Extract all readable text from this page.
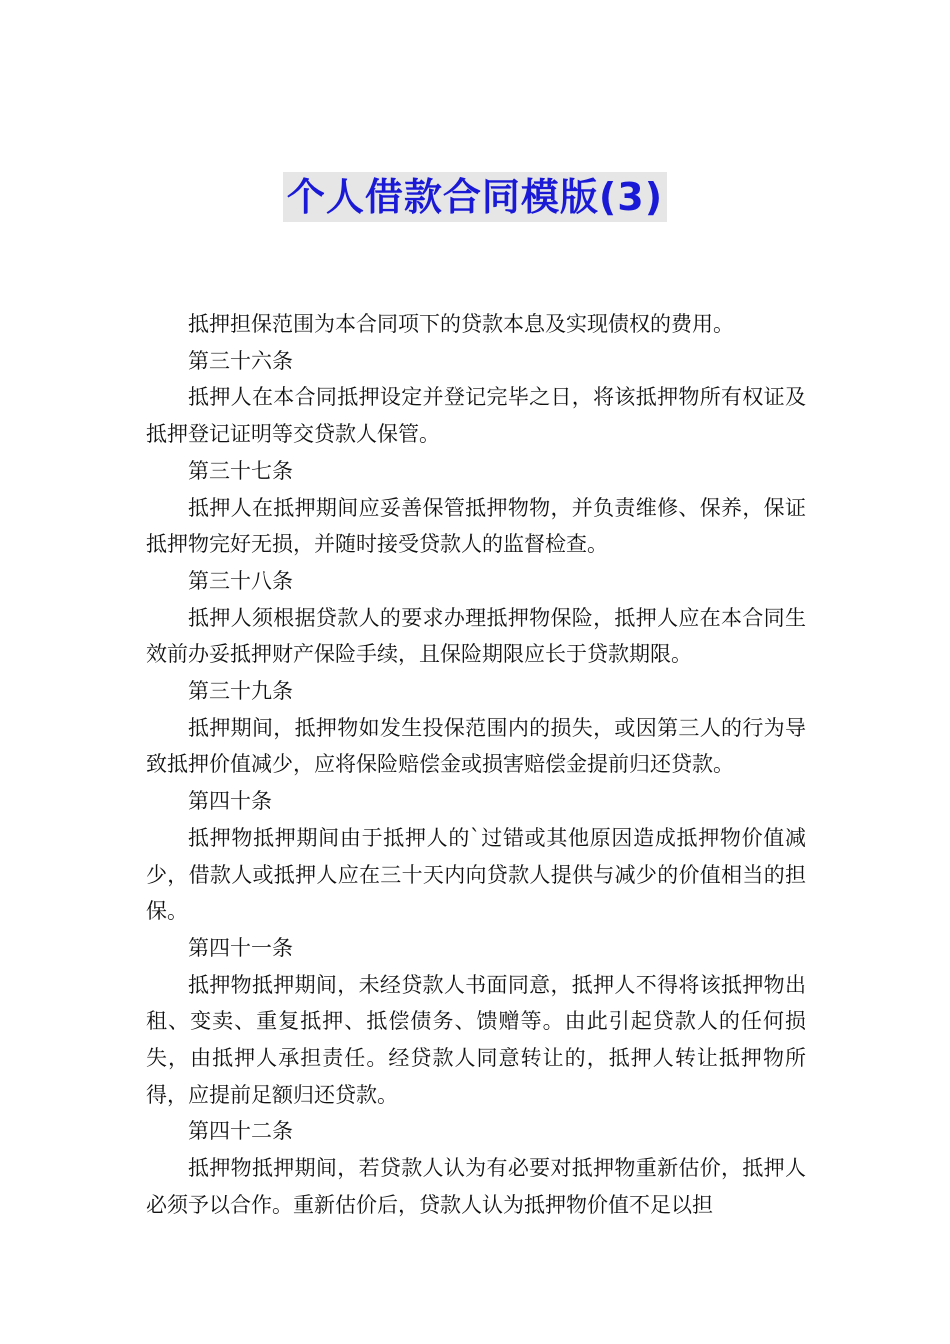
个人借款合同模版(3)

抵押担保范围为本合同项下的贷款本息及实现债权的费用。

第三十六条

抵押人在本合同抵押设定并登记完毕之日，将该抵押物所有权证及抵押登记证明等交贷款人保管。

第三十七条

抵押人在抵押期间应妥善保管抵押物物，并负责维修、保养，保证抵押物完好无损，并随时接受贷款人的监督检查。

第三十八条

抵押人须根据贷款人的要求办理抵押物保险，抵押人应在本合同生效前办妥抵押财产保险手续，且保险期限应长于贷款期限。

第三十九条

抵押期间，抵押物如发生投保范围内的损失，或因第三人的行为导致抵押价值减少，应将保险赔偿金或损害赔偿金提前归还贷款。

第四十条

抵押物抵押期间由于抵押人的`过错或其他原因造成抵押物价值减少，借款人或抵押人应在三十天内向贷款人提供与减少的价值相当的担保。

第四十一条

抵押物抵押期间，未经贷款人书面同意，抵押人不得将该抵押物出租、变卖、重复抵押、抵偿债务、馈赠等。由此引起贷款人的任何损失，由抵押人承担责任。经贷款人同意转让的，抵押人转让抵押物所得，应提前足额归还贷款。

第四十二条

抵押物抵押期间，若贷款人认为有必要对抵押物重新估价，抵押人必须予以合作。重新估价后，贷款人认为抵押物价值不足以担
